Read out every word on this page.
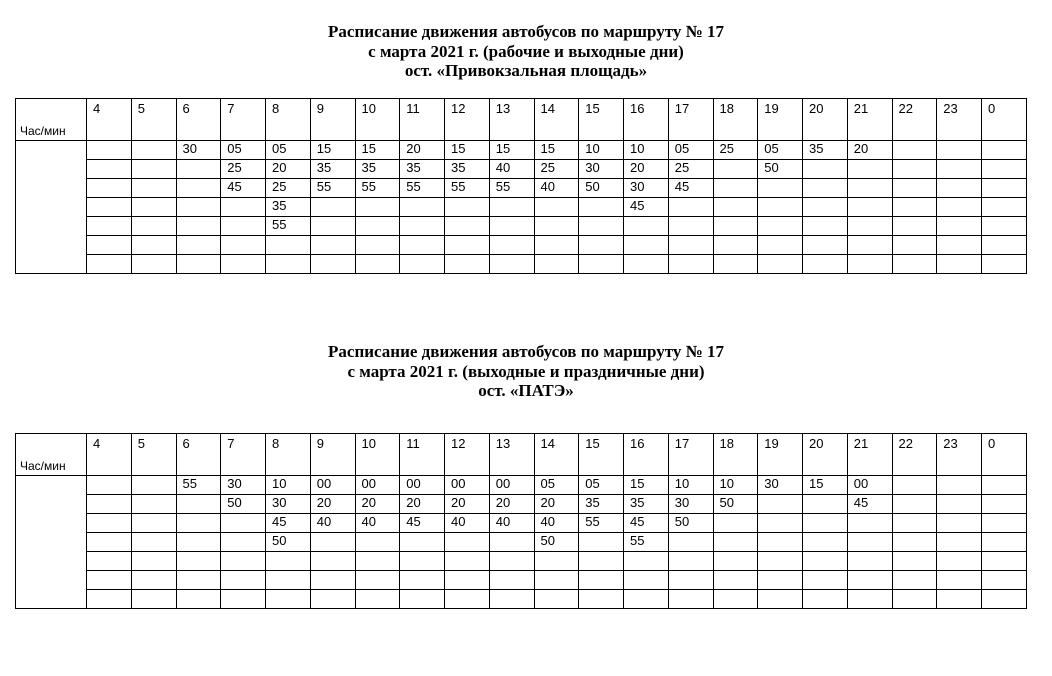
Расписание движения автобусов по маршруту № 17

с марта 2021 г. (рабочие и выходные дни)

ост. «Привокзальная площадь»

Час/мин	4	5	6	7	8	9	10	11	12	13	14	15	16	17	18	19	20	21	22	23	0
			30	05	05	15	15	20	15	15	15	10	10	05	25	05	35	20			
				25	20	35	35	35	35	40	25	30	20	25		50					
				45	25	55	55	55	55	55	40	50	30	45							
					35								45								
					55																

Расписание движения автобусов по маршруту № 17

с марта 2021 г. (выходные и праздничные дни)

ост. «ПАТЭ»

Час/мин	4	5	6	7	8	9	10	11	12	13	14	15	16	17	18	19	20	21	22	23	0
			55	30	10	00	00	00	00	00	05	05	15	10	10	30	15	00			
				50	30	20	20	20	20	20	20	35	35	30	50			45			
					45	40	40	45	40	40	40	55	45	50							
					50						50		55								
